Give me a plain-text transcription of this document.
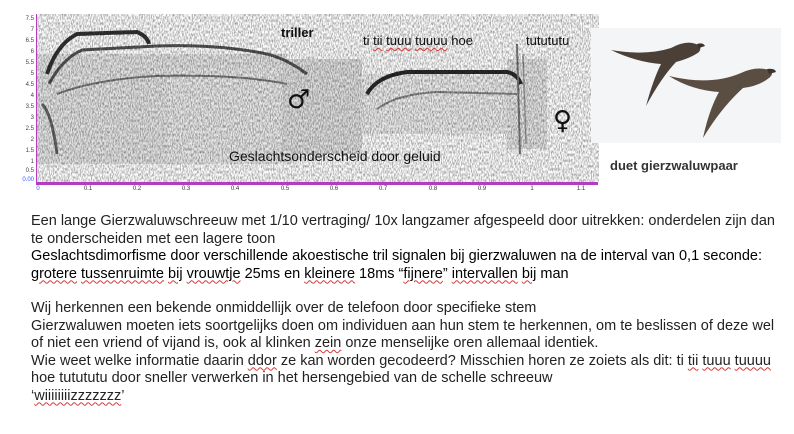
7.5
7
6.5
6
5.5
5
4.5
4
3.5
3
2.5
2
1.5
1
0.5
0.00
0	0.1	0.2	0.3	0.4	0.5	0.6	0.7	0.8	0.9	1	1.1
triller
ti tii tuuu tuuuu hoe	tutututu
♂
♀
Geslachtsonderscheid door geluid
duet gierzwaluwpaar

Een lange Gierzwaluwschreeuw met 1/10 vertraging/ 10x langzamer afgespeeld door uitrekken: onderdelen zijn dan te onderscheiden met een lagere toon

Geslachtsdimorfisme door verschillende akoestische tril signalen bij gierzwaluwen na de interval van 0,1 seconde: grotere tussenruimte bij vrouwtje 25ms en kleinere 18ms “fijnere” intervallen bij man

Wij herkennen een bekende onmiddellijk over de telefoon door specifieke stem

Gierzwaluwen moeten iets soortgelijks doen om individuen aan hun stem te herkennen, om te beslissen of deze wel of niet een vriend of vijand is, ook al klinken zein onze menselijke oren allemaal identiek.

Wie weet welke informatie daarin ddor ze kan worden gecodeerd? Misschien horen ze zoiets als dit: ti tii tuuu tuuuu hoe tutututu door sneller verwerken in het hersengebied van de schelle schreeuw

‘wiiiiiiiizzzzzzz’
